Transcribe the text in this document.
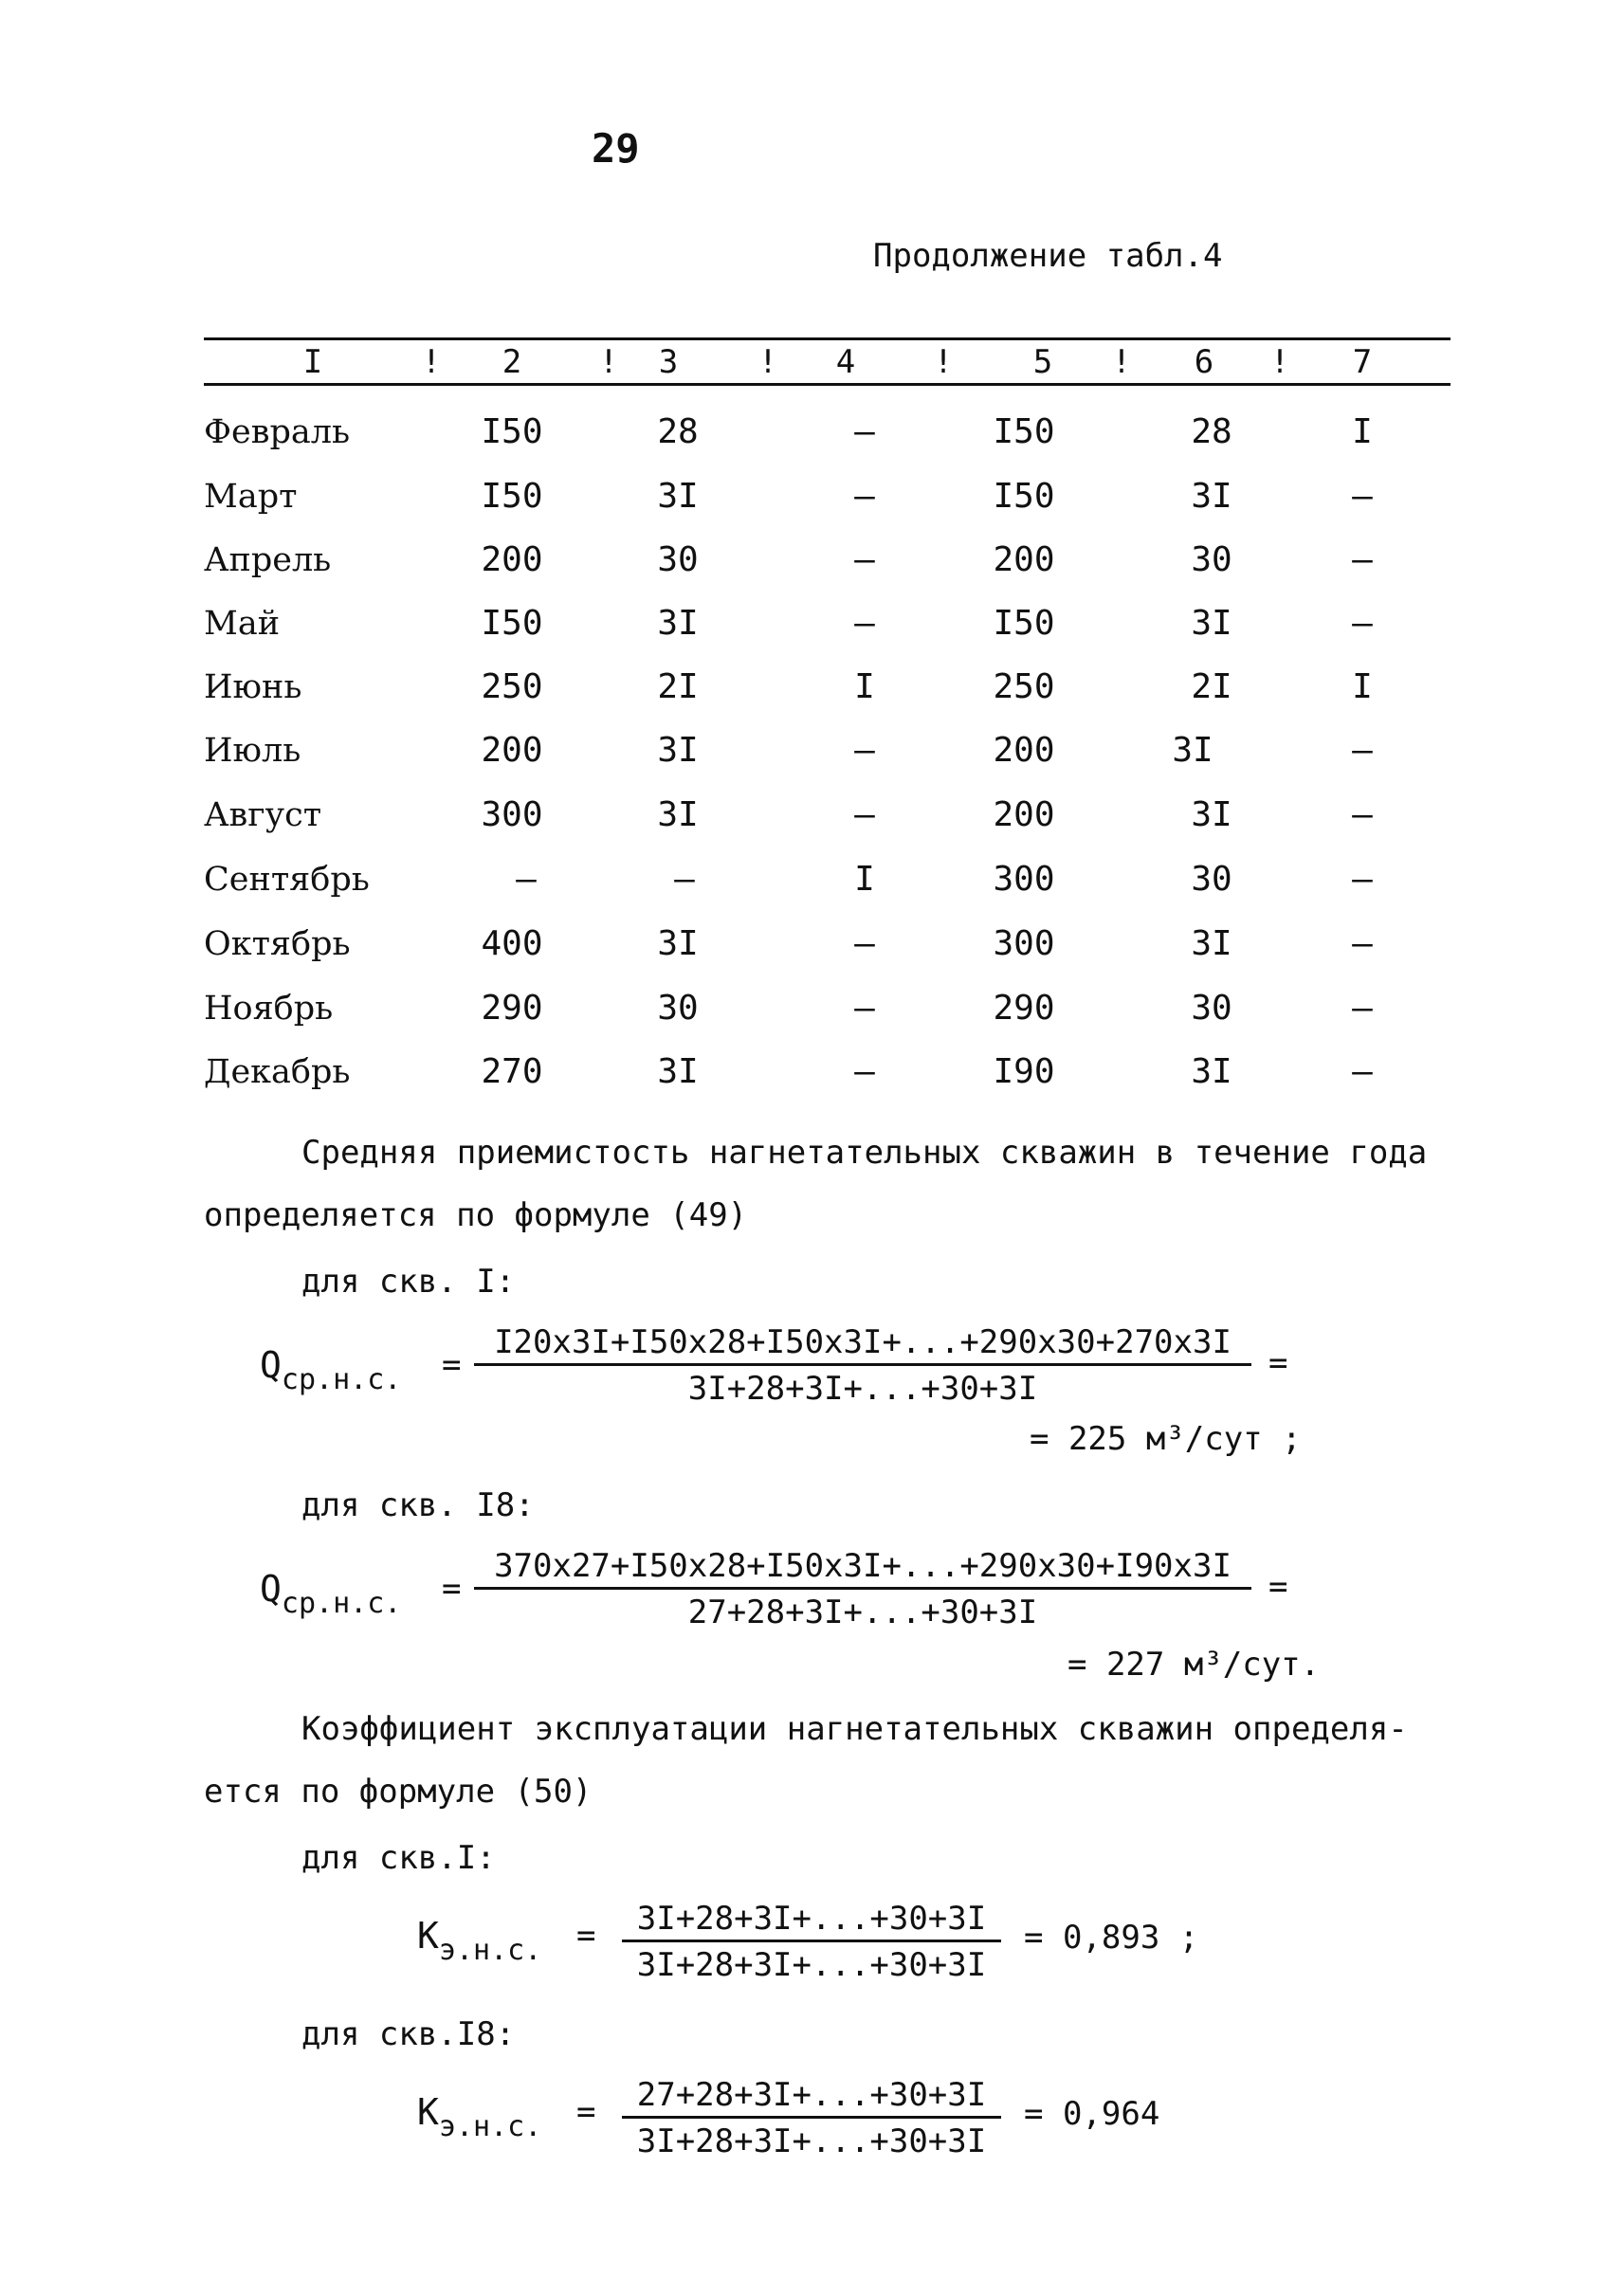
29
Продолжение табл.4
I	! 2 ! 3 ! 4 ! 5 ! 6 ! 7
Февраль	I50	28	–	I50	28	I
Март	I50	3I	–	I50	3I	–
Апрель	200	30	–	200	30	–
Май	I50	3I	–	I50	3I	–
Июнь	250	2I	I	250	2I	I
Июль	200	3I	–	200	3I	–
Август	300	3I	–	200	3I	–
Сентябрь	–	–	I	300	30	–
Октябрь	400	3I	–	300	3I	–
Ноябрь	290	30	–	290	30	–
Декабрь	270	3I	–	I90	3I	–
Средняя приемистость нагнетательных скважин в течение года
определяется по формуле (49)
для скв. I:
$Q_{ср.н.с.}$ =
I20х3I+I50х28+I50х3I+...+290х30+270х3I
3I+28+3I+...+30+3I
=
= 225 м³/сут ;
для скв. I8:
$Q_{ср.н.с.}$ =
370х27+I50х28+I50х3I+...+290х30+I90х3I
27+28+3I+...+30+3I
=
= 227 м³/сут.
Коэффициент эксплуатации нагнетательных скважин определя-
ется по формуле (50)
для скв.I:
$К_{э.н.с.} = \frac{3I+28+3I+...+30+3I}{3I+28+3I+...+30+3I} = 0,893$ ;
для скв.I8:
$К_{э.н.с.} = \frac{27+28+3I+...+30+3I}{3I+28+3I+...+30+3I} = 0,964$
